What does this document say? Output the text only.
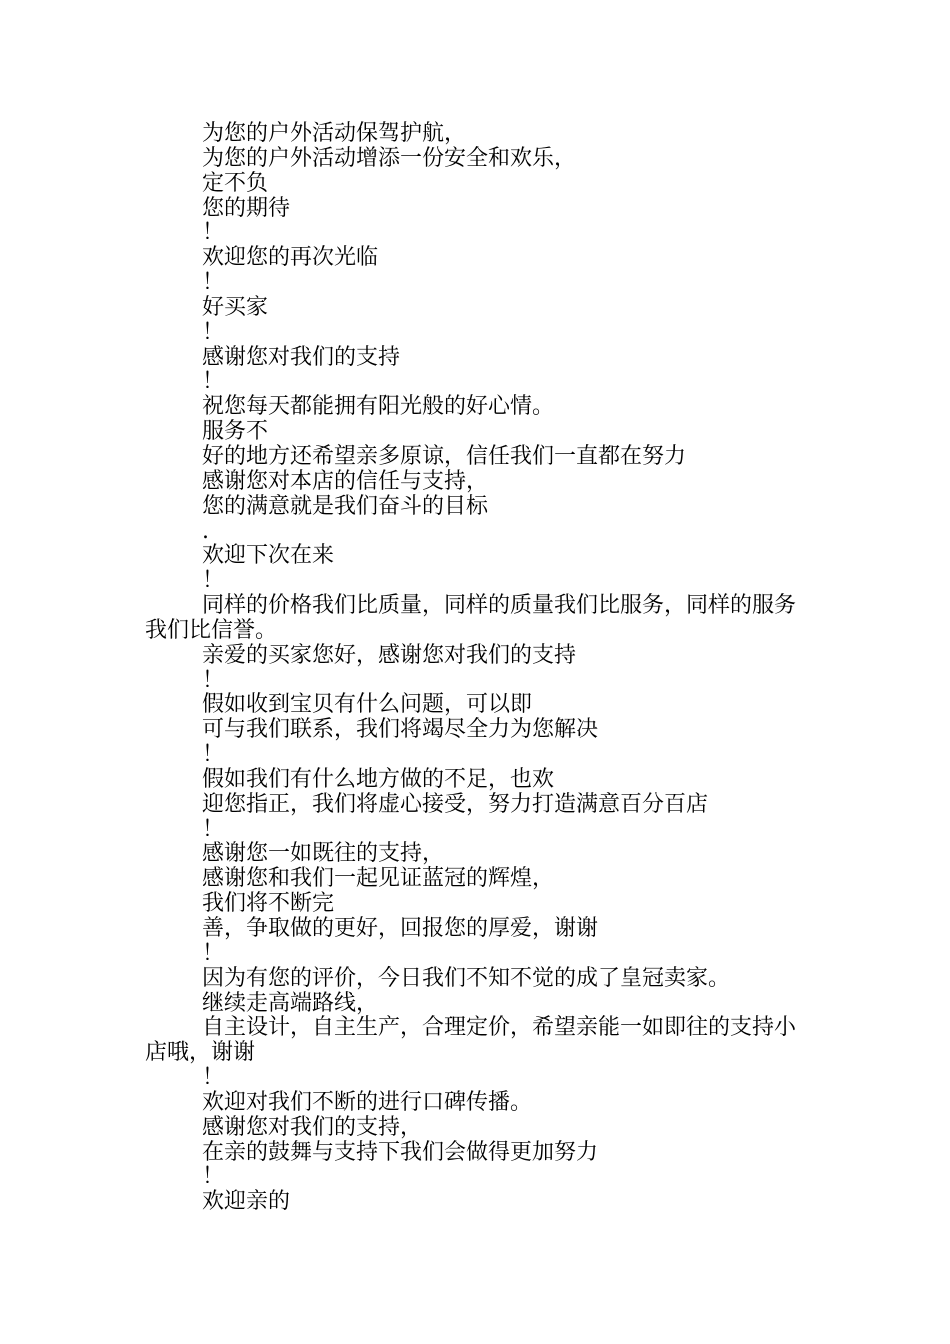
为您的户外活动保驾护航，
为您的户外活动增添一份安全和欢乐，
定不负
您的期待
！
欢迎您的再次光临
！
好买家
！
感谢您对我们的支持
！
祝您每天都能拥有阳光般的好心情。
服务不
好的地方还希望亲多原谅，信任我们一直都在努力
感谢您对本店的信任与支持，
您的满意就是我们奋斗的目标
.
欢迎下次在来
！
同样的价格我们比质量，同样的质量我们比服务，同样的服务我们比信誉。
亲爱的买家您好，感谢您对我们的支持
！
假如收到宝贝有什么问题，可以即
可与我们联系，我们将竭尽全力为您解决
！
假如我们有什么地方做的不足，也欢
迎您指正，我们将虚心接受，努力打造满意百分百店
！
感谢您一如既往的支持，
感谢您和我们一起见证蓝冠的辉煌，
我们将不断完
善，争取做的更好，回报您的厚爱，谢谢
！
因为有您的评价，今日我们不知不觉的成了皇冠卖家。
继续走高端路线，
自主设计，自主生产，合理定价，希望亲能一如即往的支持小店哦，谢谢
！
欢迎对我们不断的进行口碑传播。
感谢您对我们的支持，
在亲的鼓舞与支持下我们会做得更加努力
！
欢迎亲的
